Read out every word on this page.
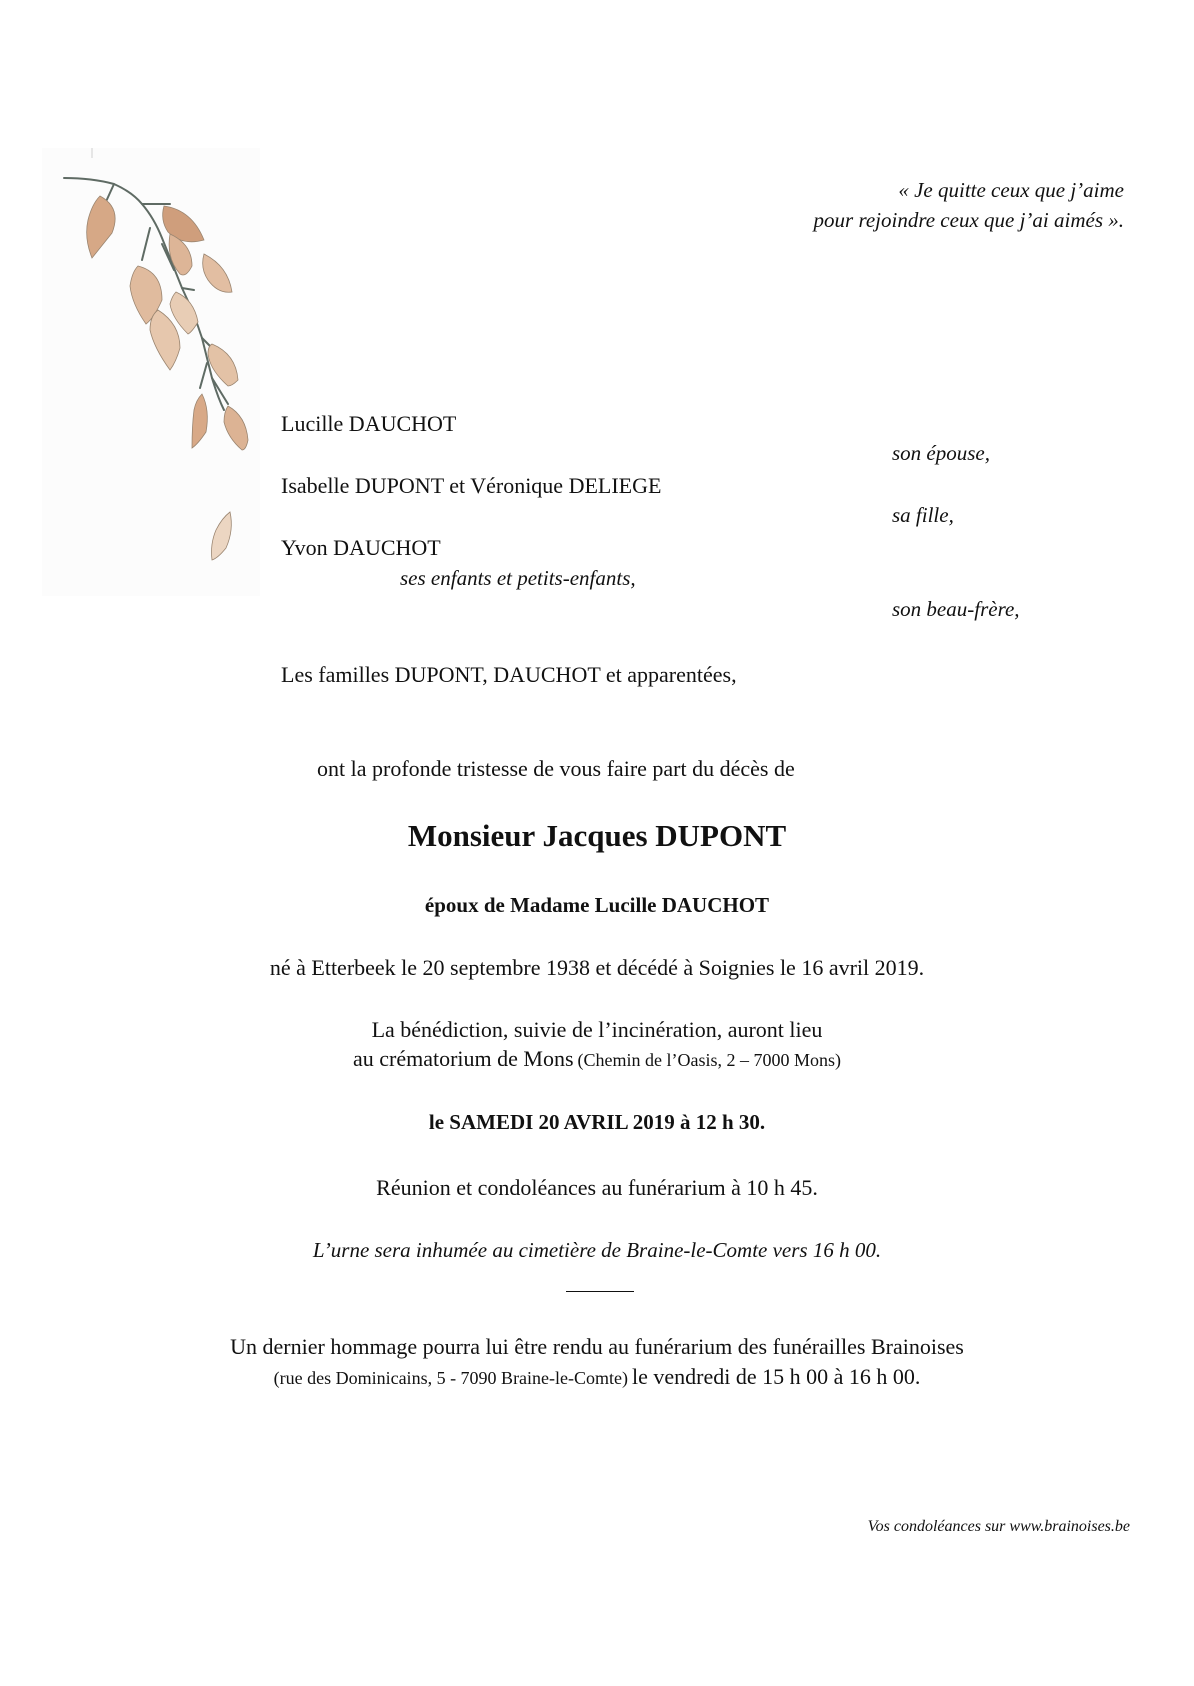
« Je quitte ceux que j’aime
pour rejoindre ceux que j’ai aimés ».
Lucille DAUCHOT
son épouse,
Isabelle DUPONT et Véronique DELIEGE
sa fille,
Yvon DAUCHOT
ses enfants et petits-enfants,
son beau-frère,
Les familles DUPONT, DAUCHOT et apparentées,
ont la profonde tristesse de vous faire part du décès de
Monsieur Jacques DUPONT
époux de Madame Lucille DAUCHOT
né à Etterbeek le 20 septembre 1938 et décédé à Soignies le 16 avril 2019.
La bénédiction, suivie de l’incinération, auront lieu
au crématorium de Mons (Chemin de l’Oasis, 2 – 7000 Mons)
le SAMEDI 20 AVRIL 2019 à 12 h 30.
Réunion et condoléances au funérarium à 10 h 45.
L’urne sera inhumée au cimetière de Braine-le-Comte vers 16 h 00.
Un dernier hommage pourra lui être rendu au funérarium des funérailles Brainoises
(rue des Dominicains, 5 - 7090 Braine-le-Comte) le vendredi de 15 h 00 à 16 h 00.
Vos condoléances sur www.brainoises.be
